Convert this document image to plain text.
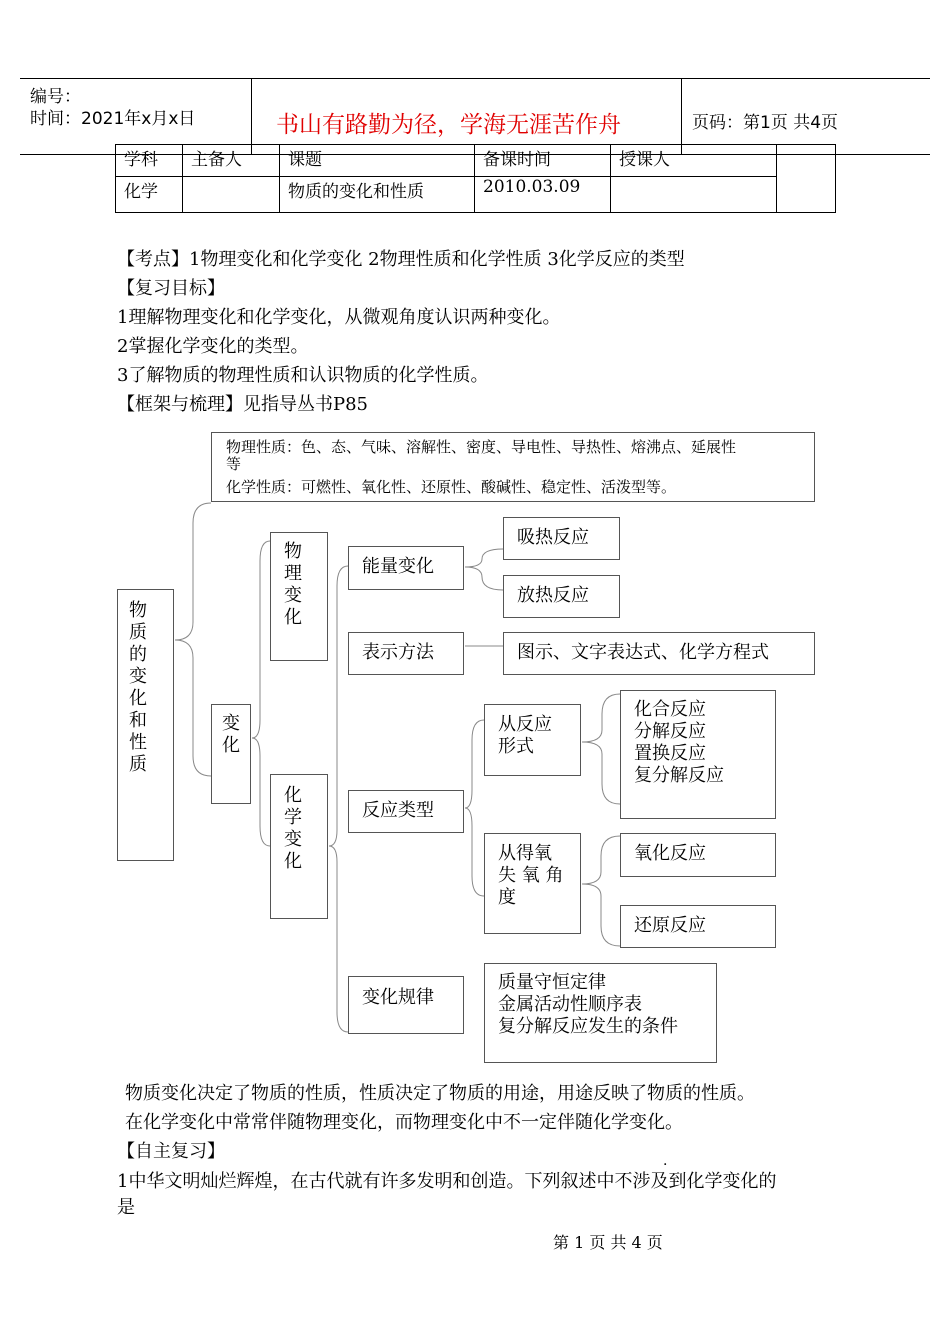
编号：
时间：2021年x月x日	书山有路勤为径，学海无涯苦作舟	页码：第1页 共4页
学科	主备人	课题	备课时间	授课人	
化学		物质的变化和性质	2010.03.09		
【考点】1物理变化和化学变化 2物理性质和化学性质 3化学反应的类型
【复习目标】
1理解物理变化和化学变化，从微观角度认识两种变化。
2掌握化学变化的类型。
3了解物质的物理性质和认识物质的化学性质。
【框架与梳理】见指导丛书P85
物理性质：色、态、气味、溶解性、密度、导电性、导热性、熔沸点、延展性
等
化学性质：可燃性、氧化性、还原性、酸碱性、稳定性、活泼型等。
物质的变化和性质
变化
物理变化
化学变化
能量变化
吸热反应
放热反应
表示方法	图示、文字表达式、化学方程式
反应类型
从反应
形式
化合反应
分解反应
置换反应
复分解反应
从得氧
失 氧 角
度
氧化反应
还原反应
变化规律
质量守恒定律
金属活动性顺序表
复分解反应发生的条件
物质变化决定了物质的性质，性质决定了物质的用途，用途反映了物质的性质。
在化学变化中常常伴随物理变化，而物理变化中不一定伴随化学变化。
【自主复习】
1中华文明灿烂辉煌，在古代就有许多发明和创造。下列叙述中不涉及到化学变化的
·
是
第 1 页 共 4 页
